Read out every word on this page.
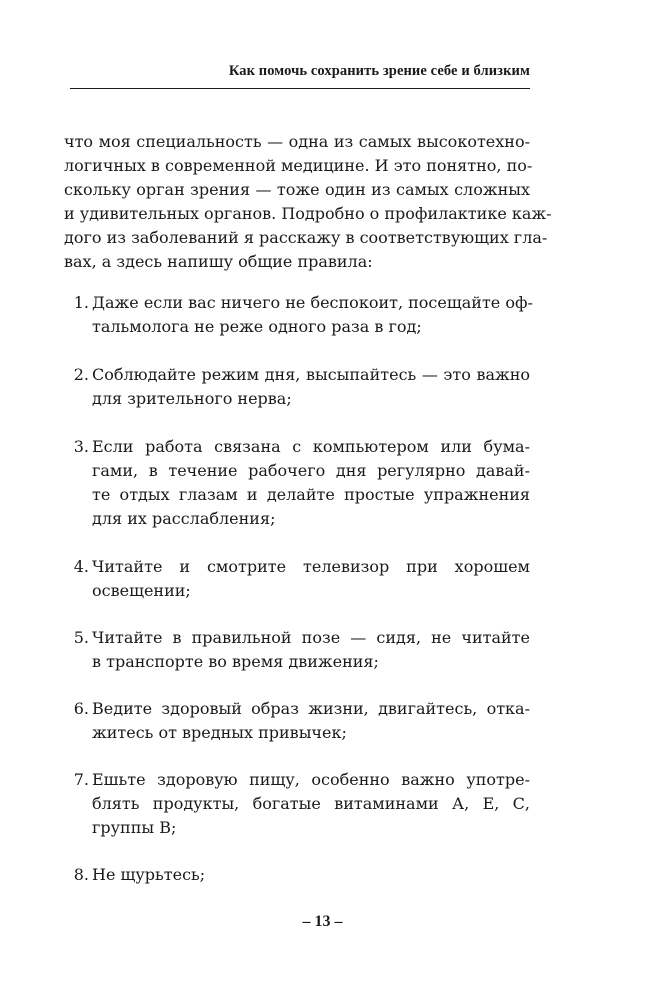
Как помочь сохранить зрение себе и близким
что моя специальность — одна из самых высокотехно-
логичных в современной медицине. И это понятно, по-
скольку орган зрения — тоже один из самых сложных
и удивительных органов. Подробно о профилактике каж-
дого из заболеваний я расскажу в соответствующих гла-
вах, а здесь напишу общие правила:
1. Даже если вас ничего не беспокоит, посещайте оф-
тальмолога не реже одного раза в год;
2. Соблюдайте режим дня, высыпайтесь — это важно
для зрительного нерва;
3. Если работа связана с компьютером или бума-
гами, в течение рабочего дня регулярно давай-
те отдых глазам и делайте простые упражнения
для их расслабления;
4. Читайте и смотрите телевизор при хорошем
освещении;
5. Читайте в правильной позе — сидя, не читайте
в транспорте во время движения;
6. Ведите здоровый образ жизни, двигайтесь, отка-
житесь от вредных привычек;
7. Ешьте здоровую пищу, особенно важно употре-
блять продукты, богатые витаминами А, Е, С,
группы В;
8. Не щурьтесь;
– 13 –
